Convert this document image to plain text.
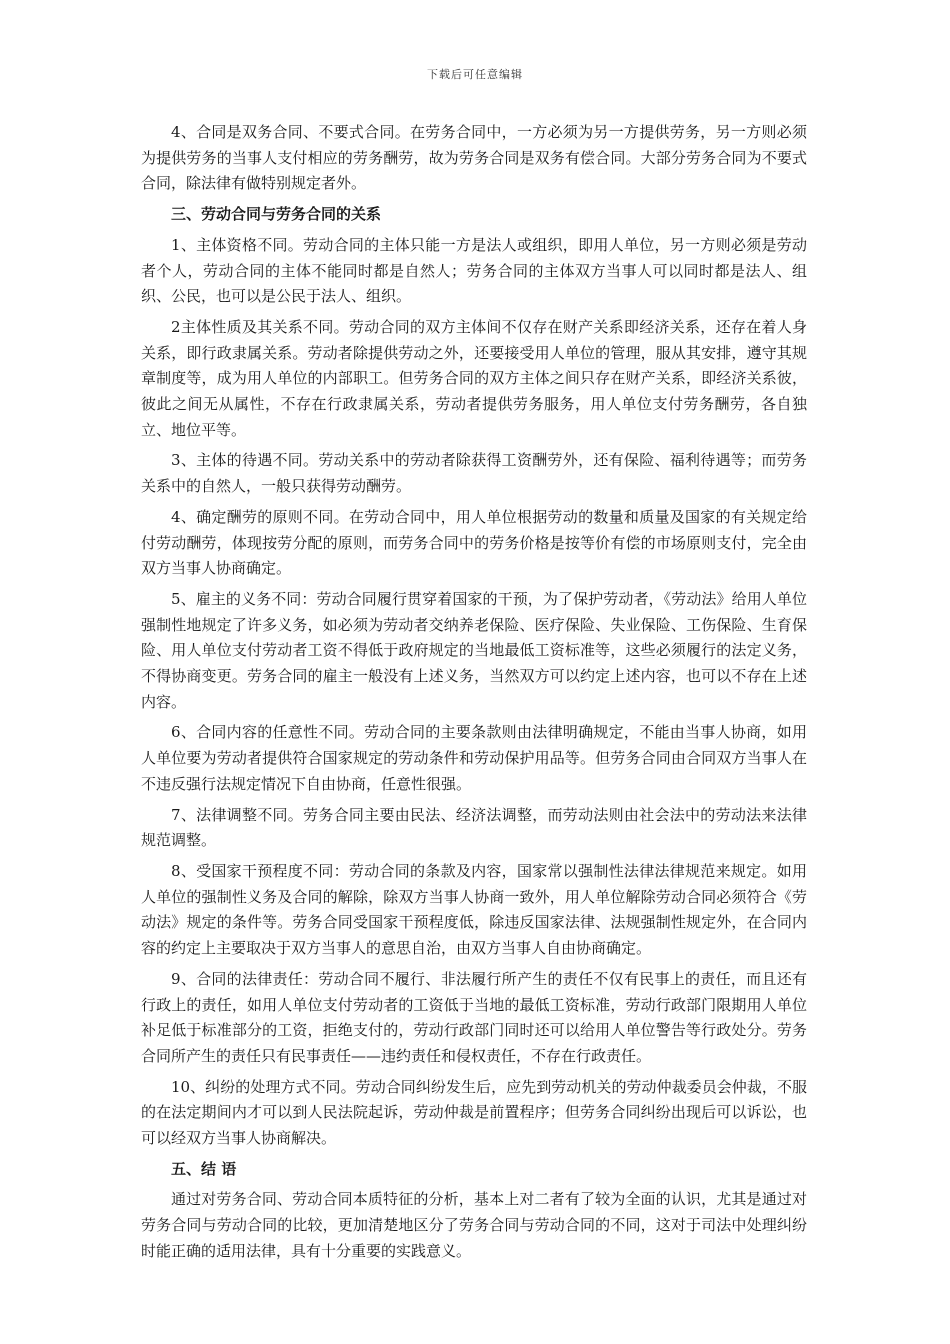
下载后可任意编辑

4、合同是双务合同、不要式合同。在劳务合同中，一方必须为另一方提供劳务，另一方则必须为提供劳务的当事人支付相应的劳务酬劳，故为劳务合同是双务有偿合同。大部分劳务合同为不要式合同，除法律有做特别规定者外。

三、劳动合同与劳务合同的关系

1、主体资格不同。劳动合同的主体只能一方是法人或组织，即用人单位，另一方则必须是劳动者个人，劳动合同的主体不能同时都是自然人；劳务合同的主体双方当事人可以同时都是法人、组织、公民，也可以是公民于法人、组织。

2主体性质及其关系不同。劳动合同的双方主体间不仅存在财产关系即经济关系，还存在着人身关系，即行政隶属关系。劳动者除提供劳动之外，还要接受用人单位的管理，服从其安排，遵守其规章制度等，成为用人单位的内部职工。但劳务合同的双方主体之间只存在财产关系，即经济关系彼，彼此之间无从属性，不存在行政隶属关系，劳动者提供劳务服务，用人单位支付劳务酬劳，各自独立、地位平等。

3、主体的待遇不同。劳动关系中的劳动者除获得工资酬劳外，还有保险、福利待遇等；而劳务关系中的自然人，一般只获得劳动酬劳。

4、确定酬劳的原则不同。在劳动合同中，用人单位根据劳动的数量和质量及国家的有关规定给付劳动酬劳，体现按劳分配的原则，而劳务合同中的劳务价格是按等价有偿的市场原则支付，完全由双方当事人协商确定。

5、雇主的义务不同：劳动合同履行贯穿着国家的干预，为了保护劳动者，《劳动法》给用人单位强制性地规定了许多义务，如必须为劳动者交纳养老保险、医疗保险、失业保险、工伤保险、生育保险、用人单位支付劳动者工资不得低于政府规定的当地最低工资标准等，这些必须履行的法定义务，不得协商变更。劳务合同的雇主一般没有上述义务，当然双方可以约定上述内容，也可以不存在上述内容。

6、合同内容的任意性不同。劳动合同的主要条款则由法律明确规定，不能由当事人协商，如用人单位要为劳动者提供符合国家规定的劳动条件和劳动保护用品等。但劳务合同由合同双方当事人在不违反强行法规定情况下自由协商，任意性很强。

7、法律调整不同。劳务合同主要由民法、经济法调整，而劳动法则由社会法中的劳动法来法律规范调整。

8、受国家干预程度不同：劳动合同的条款及内容，国家常以强制性法律法律规范来规定。如用人单位的强制性义务及合同的解除，除双方当事人协商一致外，用人单位解除劳动合同必须符合《劳动法》规定的条件等。劳务合同受国家干预程度低，除违反国家法律、法规强制性规定外，在合同内容的约定上主要取决于双方当事人的意思自治，由双方当事人自由协商确定。

9、合同的法律责任：劳动合同不履行、非法履行所产生的责任不仅有民事上的责任，而且还有行政上的责任，如用人单位支付劳动者的工资低于当地的最低工资标准，劳动行政部门限期用人单位补足低于标准部分的工资，拒绝支付的，劳动行政部门同时还可以给用人单位警告等行政处分。劳务合同所产生的责任只有民事责任——违约责任和侵权责任，不存在行政责任。

10、纠纷的处理方式不同。劳动合同纠纷发生后，应先到劳动机关的劳动仲裁委员会仲裁，不服的在法定期间内才可以到人民法院起诉，劳动仲裁是前置程序；但劳务合同纠纷出现后可以诉讼，也可以经双方当事人协商解决。

五、结 语

通过对劳务合同、劳动合同本质特征的分析，基本上对二者有了较为全面的认识，尤其是通过对劳务合同与劳动合同的比较，更加清楚地区分了劳务合同与劳动合同的不同，这对于司法中处理纠纷时能正确的适用法律，具有十分重要的实践意义。
